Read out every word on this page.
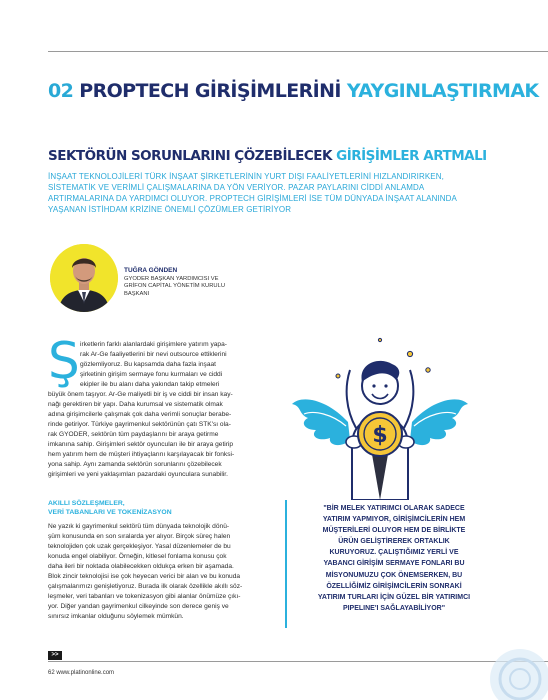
02 PROPTECH GİRİŞİMLERİNİ YAYGINLAŞTIRMAK
SEKTÖRÜN SORUNLARINI ÇÖZEBİLECEK GİRİŞİMLER ARTMALI
İNŞAAT TEKNOLOJİLERİ TÜRK İNŞAAT ŞİRKETLERİNİN YURT DIŞI FAALİYETLERİNİ HIZLANDIRIRKEN,
SİSTEMATİK VE VERİMLİ ÇALIŞMALARINA DA YÖN VERİYOR. PAZAR PAYLARINI CİDDİ ANLAMDA
ARTIRMALARINA DA YARDIMCI OLUYOR. PROPTECH GİRİŞİMLERİ İSE TÜM DÜNYADA İNŞAAT ALANINDA
YAŞANAN İSTİHDAM KRİZİNE ÖNEMLİ ÇÖZÜMLER GETİRİYOR
TUĞRA GÖNDEN
GYODER BAŞKAN YARDIMCISI VE
GRİFON CAPİTAL YÖNETİM KURULU
BAŞKANI
Ş irketlerin farklı alanlardaki girişimlere yatırım yapa-
rak Ar-Ge faaliyetlerini bir nevi outsource ettiklerini
gözlemliyoruz. Bu kapsamda daha fazla inşaat
şirketinin girişim sermaye fonu kurmaları ve ciddi
ekipler ile bu alanı daha yakından takip etmeleri
büyük önem taşıyor. Ar-Ge maliyetli bir iş ve ciddi bir insan kay-
nağı gerektiren bir yapı. Daha kurumsal ve sistematik olmak
adına girişimcilerle çalışmak çok daha verimli sonuçlar berabe-
rinde getiriyor. Türkiye gayrimenkul sektörünün çatı STK'sı ola-
rak GYODER, sektörün tüm paydaşlarını bir araya getirme
imkanına sahip. Girişimleri sektör oyuncuları ile bir araya getirip
hem yatırım hem de müşteri ihtiyaçlarını karşılayacak bir fonksi-
yona sahip. Aynı zamanda sektörün sorunlarını çözebilecek
girişimleri ve yeni yaklaşımları pazardaki oyunculara sunabilir.
AKILLI SÖZLEŞMELER,
VERİ TABANLARI VE TOKENİZASYON
Ne yazık ki gayrimenkul sektörü tüm dünyada teknolojik dönü-
şüm konusunda en son sıralarda yer alıyor. Birçok süreç halen
teknolojiden çok uzak gerçekleşiyor. Yasal düzenlemeler de bu
konuda engel olabiliyor. Örneğin, kitlesel fonlama konusu çok
daha ileri bir noktada olabilecekken oldukça erken bir aşamada.
Blok zincir teknolojisi ise çok heyecan verici bir alan ve bu konuda
çalışmalarımızı genişletiyoruz. Burada ilk olarak özellikle akıllı söz-
leşmeler, veri tabanları ve tokenizasyon gibi alanlar önümüze çıkı-
yor. Diğer yandan gayrimenkul cilkeyinde son derece geniş ve
sınırsız imkanlar olduğunu söylemek mümkün.
$
"BİR MELEK YATIRIMCI OLARAK SADECE
YATIRIM YAPMIYOR, GİRİŞİMCİLERİN HEM
MÜŞTERİLERİ OLUYOR HEM DE BİRLİKTE
ÜRÜN GELİŞTİREREK ORTAKLIK
KURUYORUZ. ÇALIŞTIĞIMIZ YERLİ VE
YABANCI GİRİŞİM SERMAYE FONLARI BU
MİSYONUMUZU ÇOK ÖNEMSERKEN, BU
ÖZELLİĞİMİZ GİRİŞİMCİLERİN SONRAKİ
YATIRIM TURLARI İÇİN GÜZEL BİR YATIRIMCI
PIPELINE'I SAĞLAYABİLİYOR"
>>
62 www.platinonline.com
